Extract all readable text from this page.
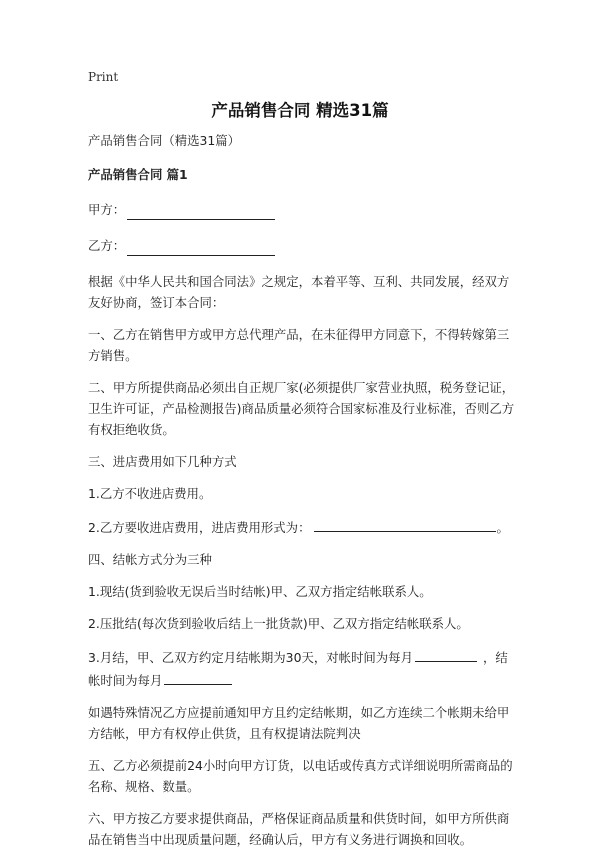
Print
产品销售合同 精选31篇

产品销售合同（精选31篇）

产品销售合同 篇1

甲方：

乙方：

根据《中华人民共和国合同法》之规定，本着平等、互利、共同发展，经双方友好协商，签订本合同：

一、乙方在销售甲方或甲方总代理产品，在未征得甲方同意下，不得转嫁第三方销售。

二、甲方所提供商品必须出自正规厂家(必须提供厂家营业执照，税务登记证，卫生许可证，产品检测报告)商品质量必须符合国家标准及行业标准，否则乙方有权拒绝收货。

三、进店费用如下几种方式

1.乙方不收进店费用。

2.乙方要收进店费用，进店费用形式为：	。

四、结帐方式分为三种

1.现结(货到验收无误后当时结帐)甲、乙双方指定结帐联系人。

2.压批结(每次货到验收后结上一批货款)甲、乙双方指定结帐联系人。

3.月结，甲、乙双方约定月结帐期为30天，对帐时间为每月	，结帐时间为每月

如遇特殊情况乙方应提前通知甲方且约定结帐期，如乙方连续二个帐期未给甲方结帐，甲方有权停止供货，且有权提请法院判决

五、乙方必须提前24小时向甲方订货，以电话或传真方式详细说明所需商品的名称、规格、数量。

六、甲方按乙方要求提供商品，严格保证商品质量和供货时间，如甲方所供商品在销售当中出现质量问题，经确认后，甲方有义务进行调换和回收。
